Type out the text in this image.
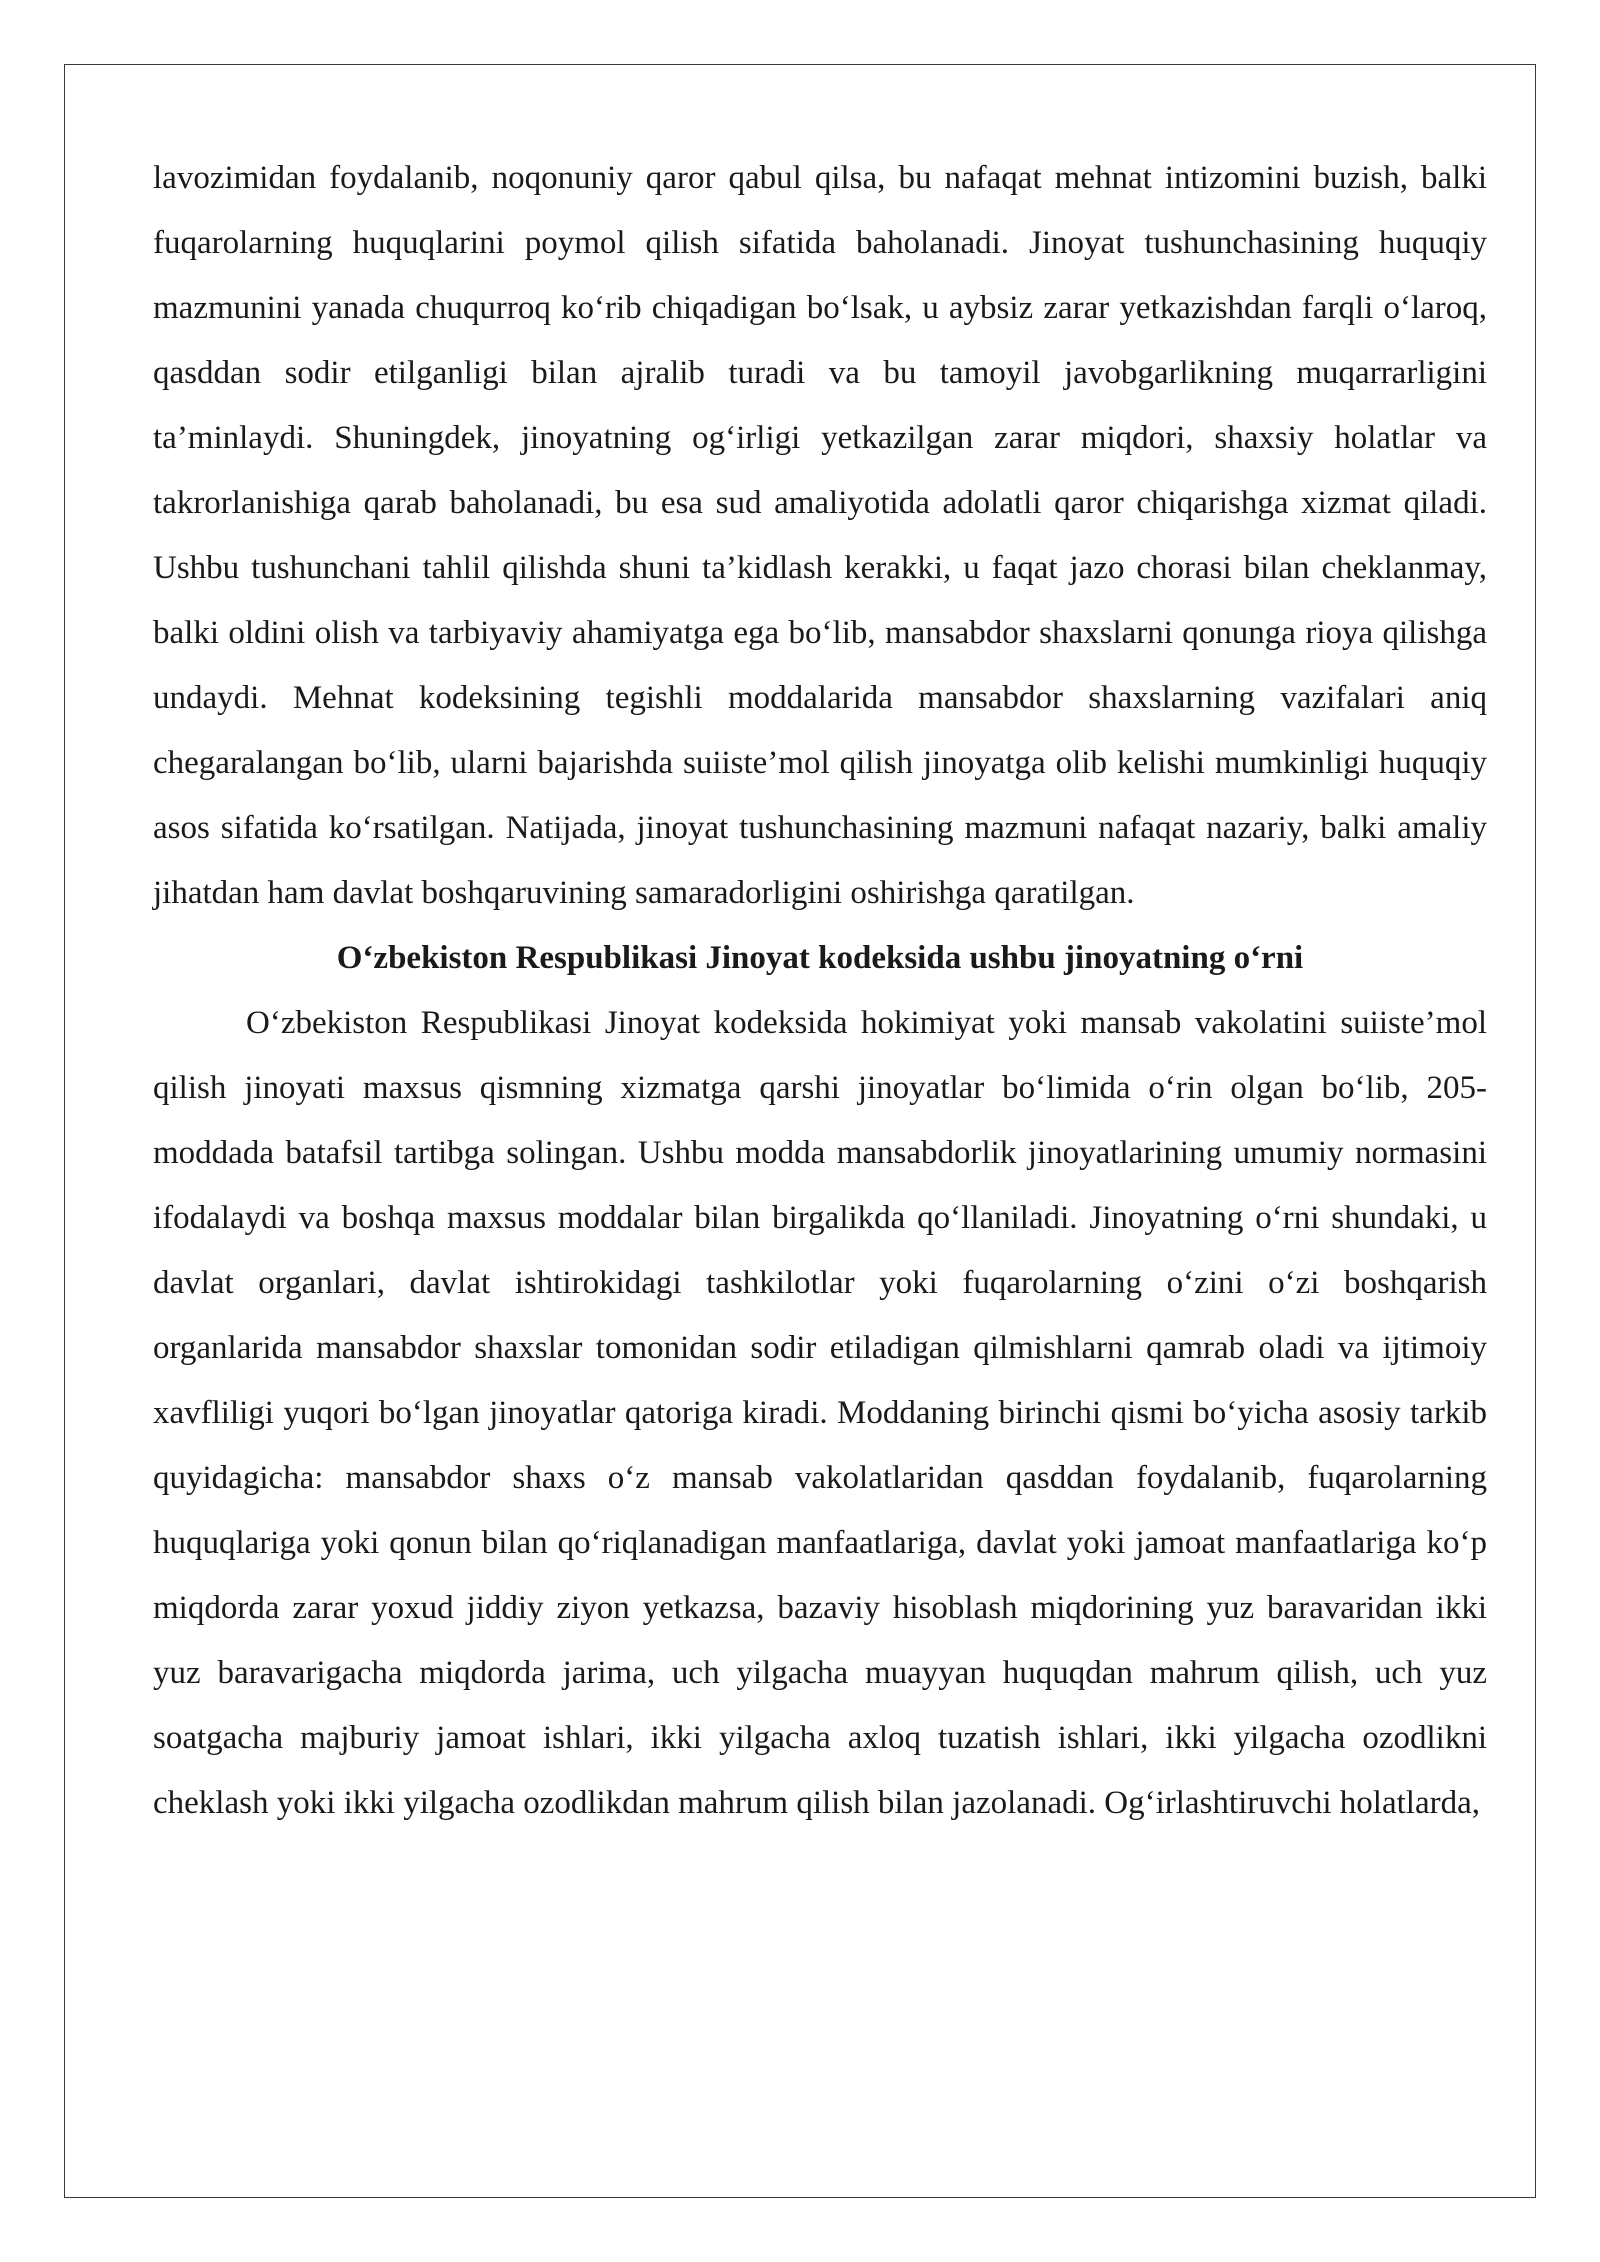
lavozimidan foydalanib, noqonuniy qaror qabul qilsa, bu nafaqat mehnat intizomini buzish, balki fuqarolarning huquqlarini poymol qilish sifatida baholanadi. Jinoyat tushunchasining huquqiy mazmunini yanada chuqurroq ko‘rib chiqadigan bo‘lsak, u aybsiz zarar yetkazishdan farqli o‘laroq, qasddan sodir etilganligi bilan ajralib turadi va bu tamoyil javobgarlikning muqarrarligini ta’minlaydi. Shuningdek, jinoyatning og‘irligi yetkazilgan zarar miqdori, shaxsiy holatlar va takrorlanishiga qarab baholanadi, bu esa sud amaliyotida adolatli qaror chiqarishga xizmat qiladi. Ushbu tushunchani tahlil qilishda shuni ta’kidlash kerakki, u faqat jazo chorasi bilan cheklanmay, balki oldini olish va tarbiyaviy ahamiyatga ega bo‘lib, mansabdor shaxslarni qonunga rioya qilishga undaydi. Mehnat kodeksining tegishli moddalarida mansabdor shaxslarning vazifalari aniq chegaralangan bo‘lib, ularni bajarishda suiiste’mol qilish jinoyatga olib kelishi mumkinligi huquqiy asos sifatida ko‘rsatilgan. Natijada, jinoyat tushunchasining mazmuni nafaqat nazariy, balki amaliy jihatdan ham davlat boshqaruvining samaradorligini oshirishga qaratilgan.

O‘zbekiston Respublikasi Jinoyat kodeksida ushbu jinoyatning o‘rni

O‘zbekiston Respublikasi Jinoyat kodeksida hokimiyat yoki mansab vakolatini suiiste’mol qilish jinoyati maxsus qismning xizmatga qarshi jinoyatlar bo‘limida o‘rin olgan bo‘lib, 205-moddada batafsil tartibga solingan. Ushbu modda mansabdorlik jinoyatlarining umumiy normasini ifodalaydi va boshqa maxsus moddalar bilan birgalikda qo‘llaniladi. Jinoyatning o‘rni shundaki, u davlat organlari, davlat ishtirokidagi tashkilotlar yoki fuqarolarning o‘zini o‘zi boshqarish organlarida mansabdor shaxslar tomonidan sodir etiladigan qilmishlarni qamrab oladi va ijtimoiy xavfliligi yuqori bo‘lgan jinoyatlar qatoriga kiradi. Moddaning birinchi qismi bo‘yicha asosiy tarkib quyidagicha: mansabdor shaxs o‘z mansab vakolatlaridan qasddan foydalanib, fuqarolarning huquqlariga yoki qonun bilan qo‘riqlanadigan manfaatlariga, davlat yoki jamoat manfaatlariga ko‘p miqdorda zarar yoxud jiddiy ziyon yetkazsa, bazaviy hisoblash miqdorining yuz baravaridan ikki yuz baravarigacha miqdorda jarima, uch yilgacha muayyan huquqdan mahrum qilish, uch yuz soatgacha majburiy jamoat ishlari, ikki yilgacha axloq tuzatish ishlari, ikki yilgacha ozodlikni cheklash yoki ikki yilgacha ozodlikdan mahrum qilish bilan jazolanadi. Og‘irlashtiruvchi holatlarda,
